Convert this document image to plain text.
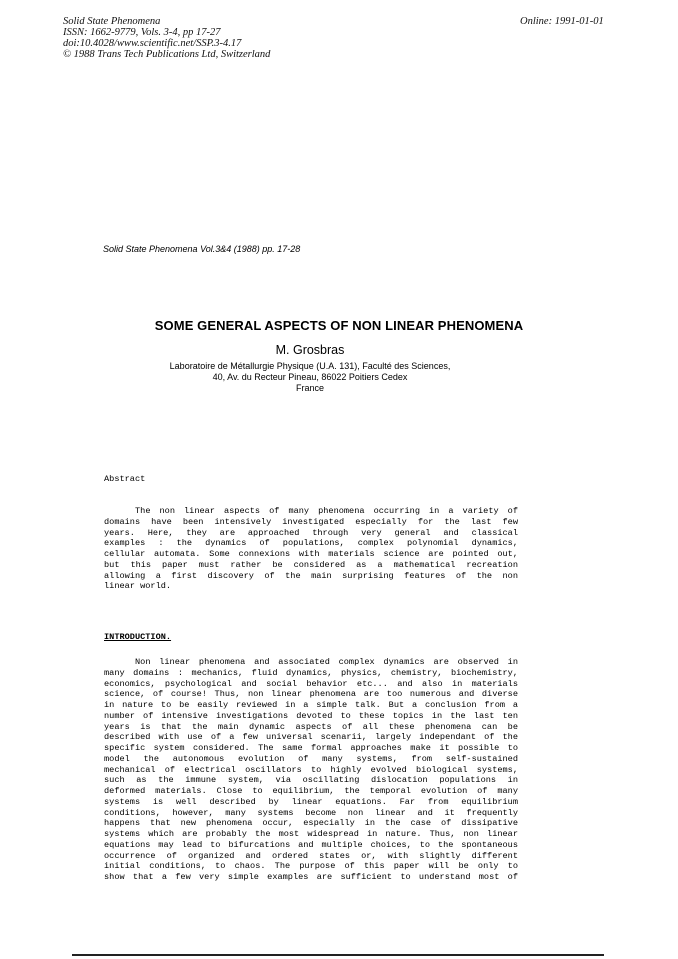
Solid State Phenomena
ISSN: 1662-9779, Vols. 3-4, pp 17-27
doi:10.4028/www.scientific.net/SSP.3-4.17
© 1988 Trans Tech Publications Ltd, Switzerland
Online: 1991-01-01
Solid State Phenomena Vol.3&4 (1988) pp. 17-28
SOME GENERAL ASPECTS OF NON LINEAR PHENOMENA
M. Grosbras
Laboratoire de Métallurgie Physique (U.A. 131), Faculté des Sciences,
40, Av. du Recteur Pineau, 86022 Poitiers Cedex
France
Abstract
The non linear aspects of many phenomena occurring in a variety of
domains have been intensively investigated especially for the last few
years. Here, they are approached through very general and classical
examples : the dynamics of populations, complex polynomial dynamics,
cellular automata. Some connexions with materials science are pointed out,
but this paper must rather be considered as a mathematical recreation
allowing a first discovery of the main surprising features of the non
linear world.
INTRODUCTION.
Non linear phenomena and associated complex dynamics are observed in
many domains : mechanics, fluid dynamics, physics, chemistry, biochemistry,
economics, psychological and social behavior etc... and also in materials
science, of course! Thus, non linear phenomena are too numerous and diverse
in nature to be easily reviewed in a simple talk. But a conclusion from a
number of intensive investigations devoted to these topics in the last ten
years is that the main dynamic aspects of all these phenomena can be
described with use of a few universal scenarii, largely independant of the
specific system considered. The same formal approaches make it possible to
model the autonomous evolution of many systems, from self-sustained
mechanical of electrical oscillators to highly evolved biological systems,
such as the immune system, via oscillating dislocation populations in
deformed materials. Close to equilibrium, the temporal evolution of many
systems is well described by linear equations. Far from equilibrium
conditions, however, many systems become non linear and it frequently
happens that new phenomena occur, especially in the case of dissipative
systems which are probably the most widespread in nature. Thus, non linear
equations may lead to bifurcations and multiple choices, to the spontaneous
occurrence of organized and ordered states or, with slightly different
initial conditions, to chaos. The purpose of this paper will be only to
show that a few very simple examples are sufficient to understand most of
